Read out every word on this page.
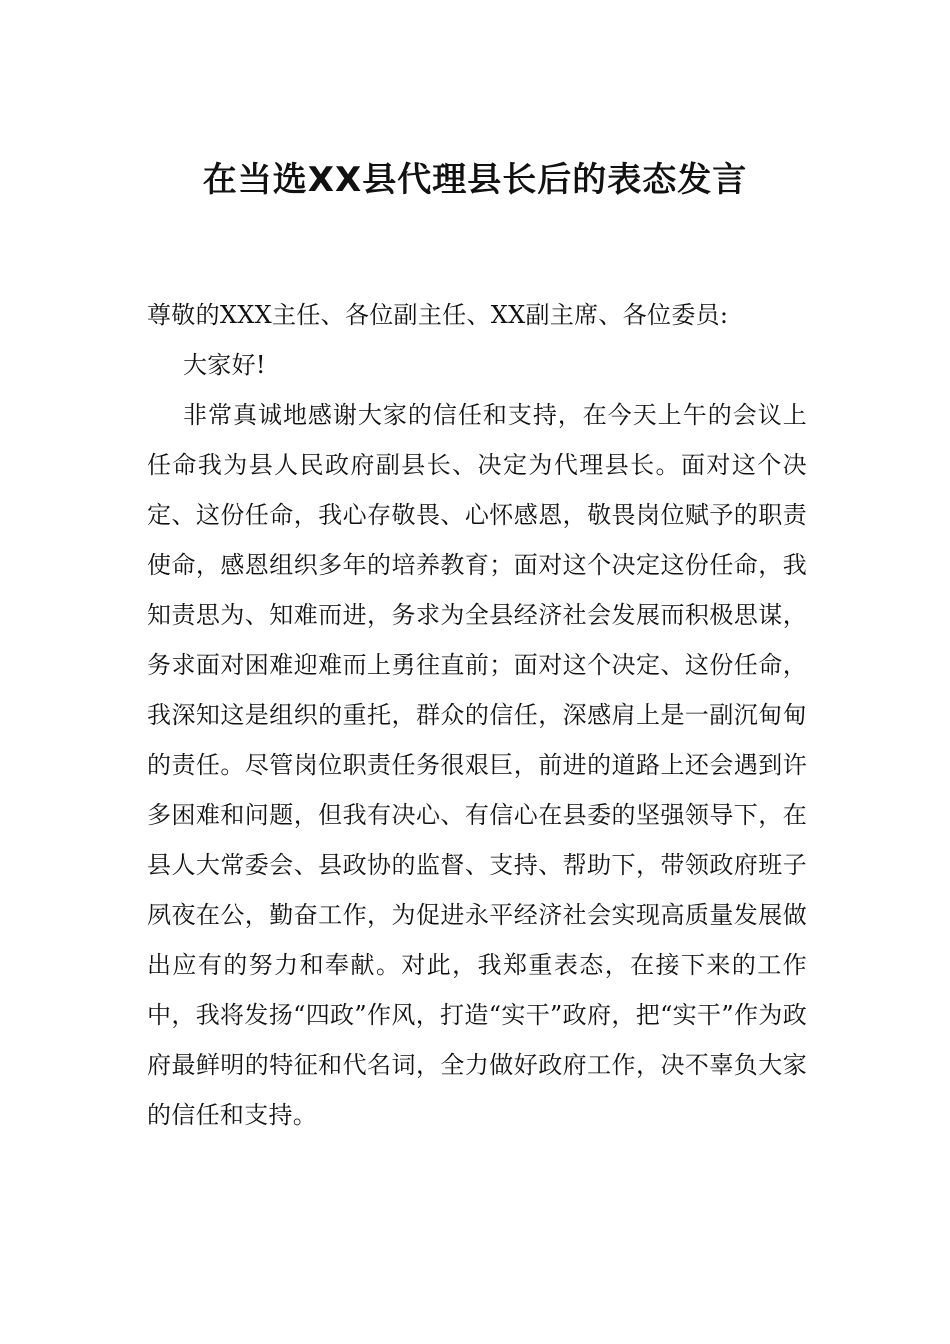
在当选XX县代理县长后的表态发言

尊敬的XXX主任、各位副主任、XX副主席、各位委员:

大家好!

非常真诚地感谢大家的信任和支持，在今天上午的会议上任命我为县人民政府副县长、决定为代理县长。面对这个决定、这份任命，我心存敬畏、心怀感恩，敬畏岗位赋予的职责使命，感恩组织多年的培养教育；面对这个决定这份任命，我知责思为、知难而进，务求为全县经济社会发展而积极思谋，务求面对困难迎难而上勇往直前；面对这个决定、这份任命，我深知这是组织的重托，群众的信任，深感肩上是一副沉甸甸的责任。尽管岗位职责任务很艰巨，前进的道路上还会遇到许多困难和问题，但我有决心、有信心在县委的坚强领导下，在县人大常委会、县政协的监督、支持、帮助下，带领政府班子夙夜在公，勤奋工作，为促进永平经济社会实现高质量发展做出应有的努力和奉献。对此，我郑重表态，在接下来的工作中，我将发扬“四政”作风，打造“实干”政府，把“实干”作为政府最鲜明的特征和代名词，全力做好政府工作，决不辜负大家的信任和支持。
